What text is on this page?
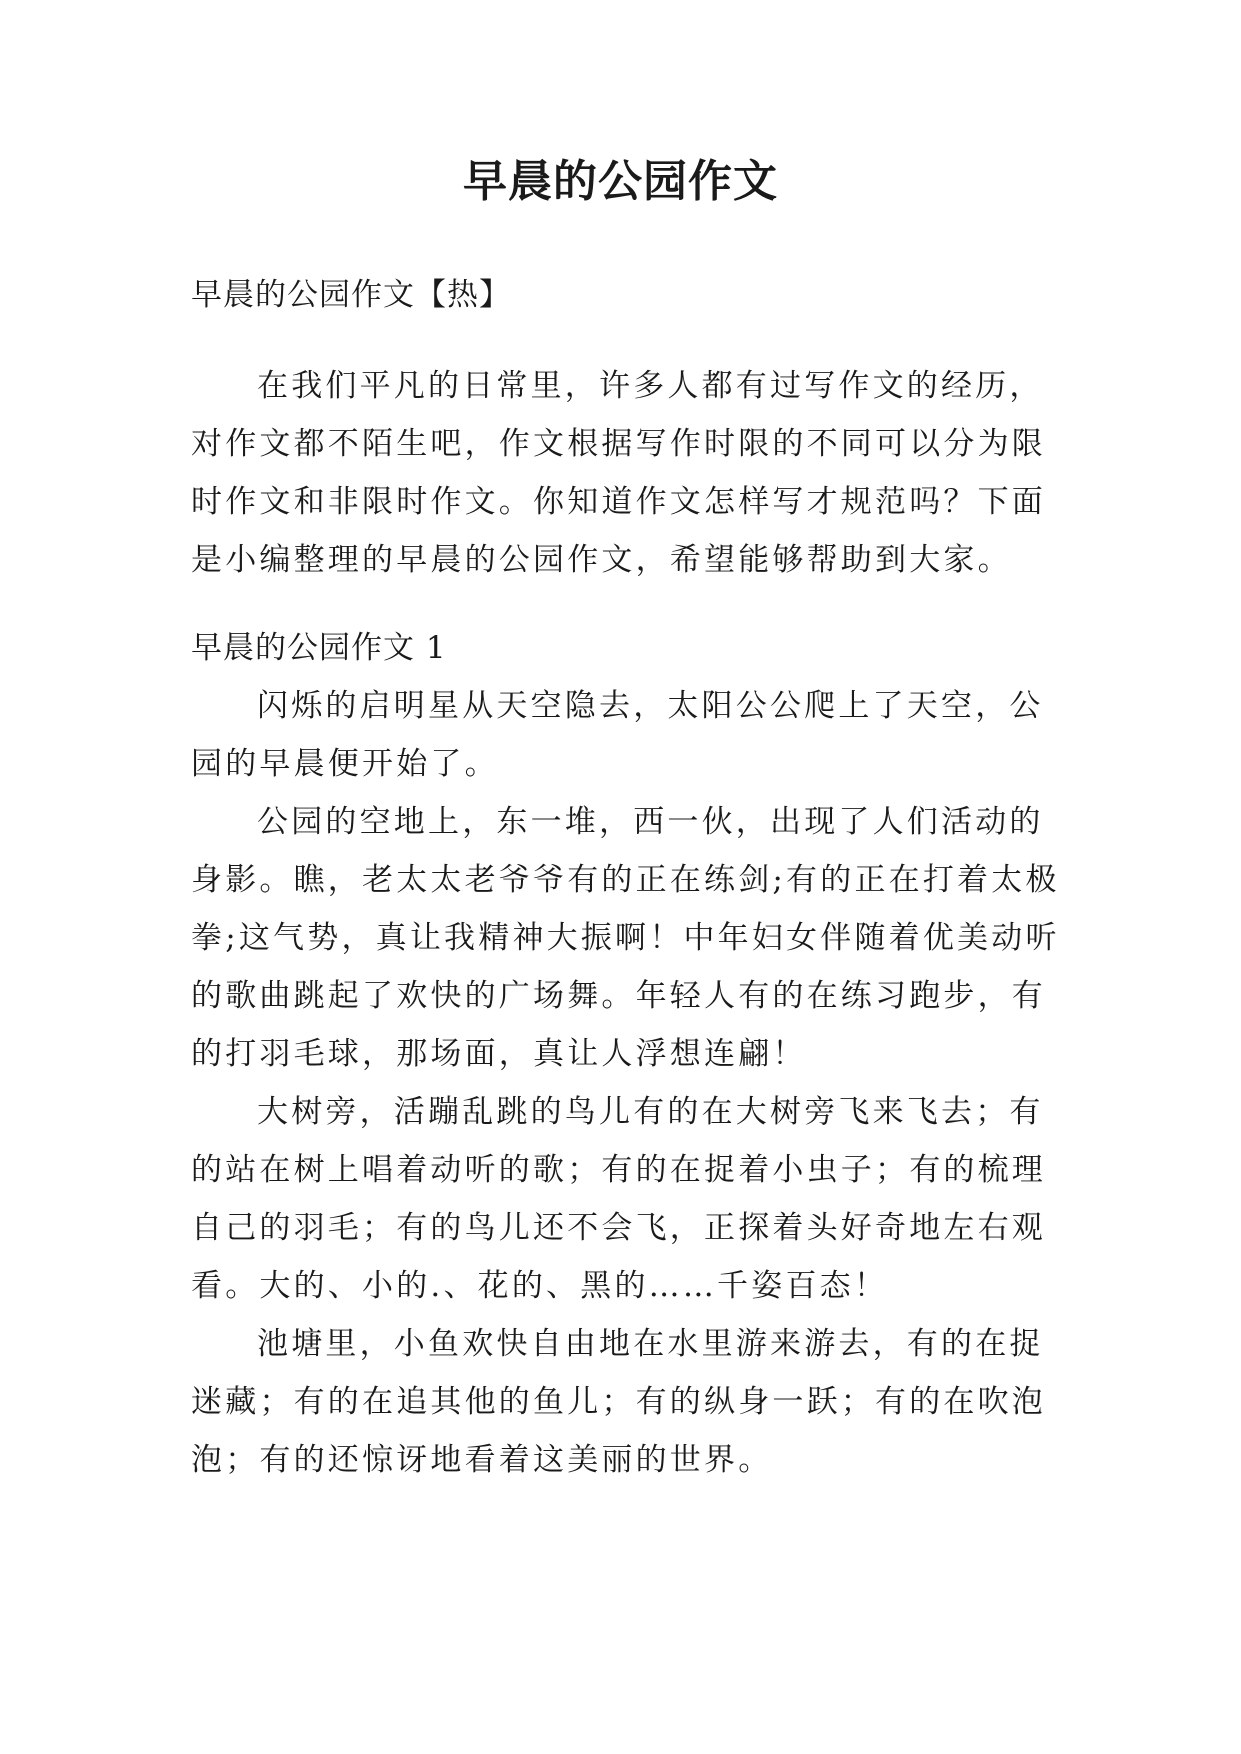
早晨的公园作文

早晨的公园作文【热】

在我们平凡的日常里，许多人都有过写作文的经历，对作文都不陌生吧，作文根据写作时限的不同可以分为限时作文和非限时作文。你知道作文怎样写才规范吗？下面是小编整理的早晨的公园作文，希望能够帮助到大家。

早晨的公园作文 1

闪烁的启明星从天空隐去，太阳公公爬上了天空，公园的早晨便开始了。

公园的空地上，东一堆，西一伙，出现了人们活动的身影。瞧，老太太老爷爷有的正在练剑;有的正在打着太极拳;这气势，真让我精神大振啊！中年妇女伴随着优美动听的歌曲跳起了欢快的广场舞。年轻人有的在练习跑步，有的打羽毛球，那场面，真让人浮想连翩！

大树旁，活蹦乱跳的鸟儿有的在大树旁飞来飞去；有的站在树上唱着动听的歌；有的在捉着小虫子；有的梳理自己的羽毛；有的鸟儿还不会飞，正探着头好奇地左右观看。大的、小的.、花的、黑的……千姿百态！

池塘里，小鱼欢快自由地在水里游来游去，有的在捉迷藏；有的在追其他的鱼儿；有的纵身一跃；有的在吹泡泡；有的还惊讶地看着这美丽的世界。
